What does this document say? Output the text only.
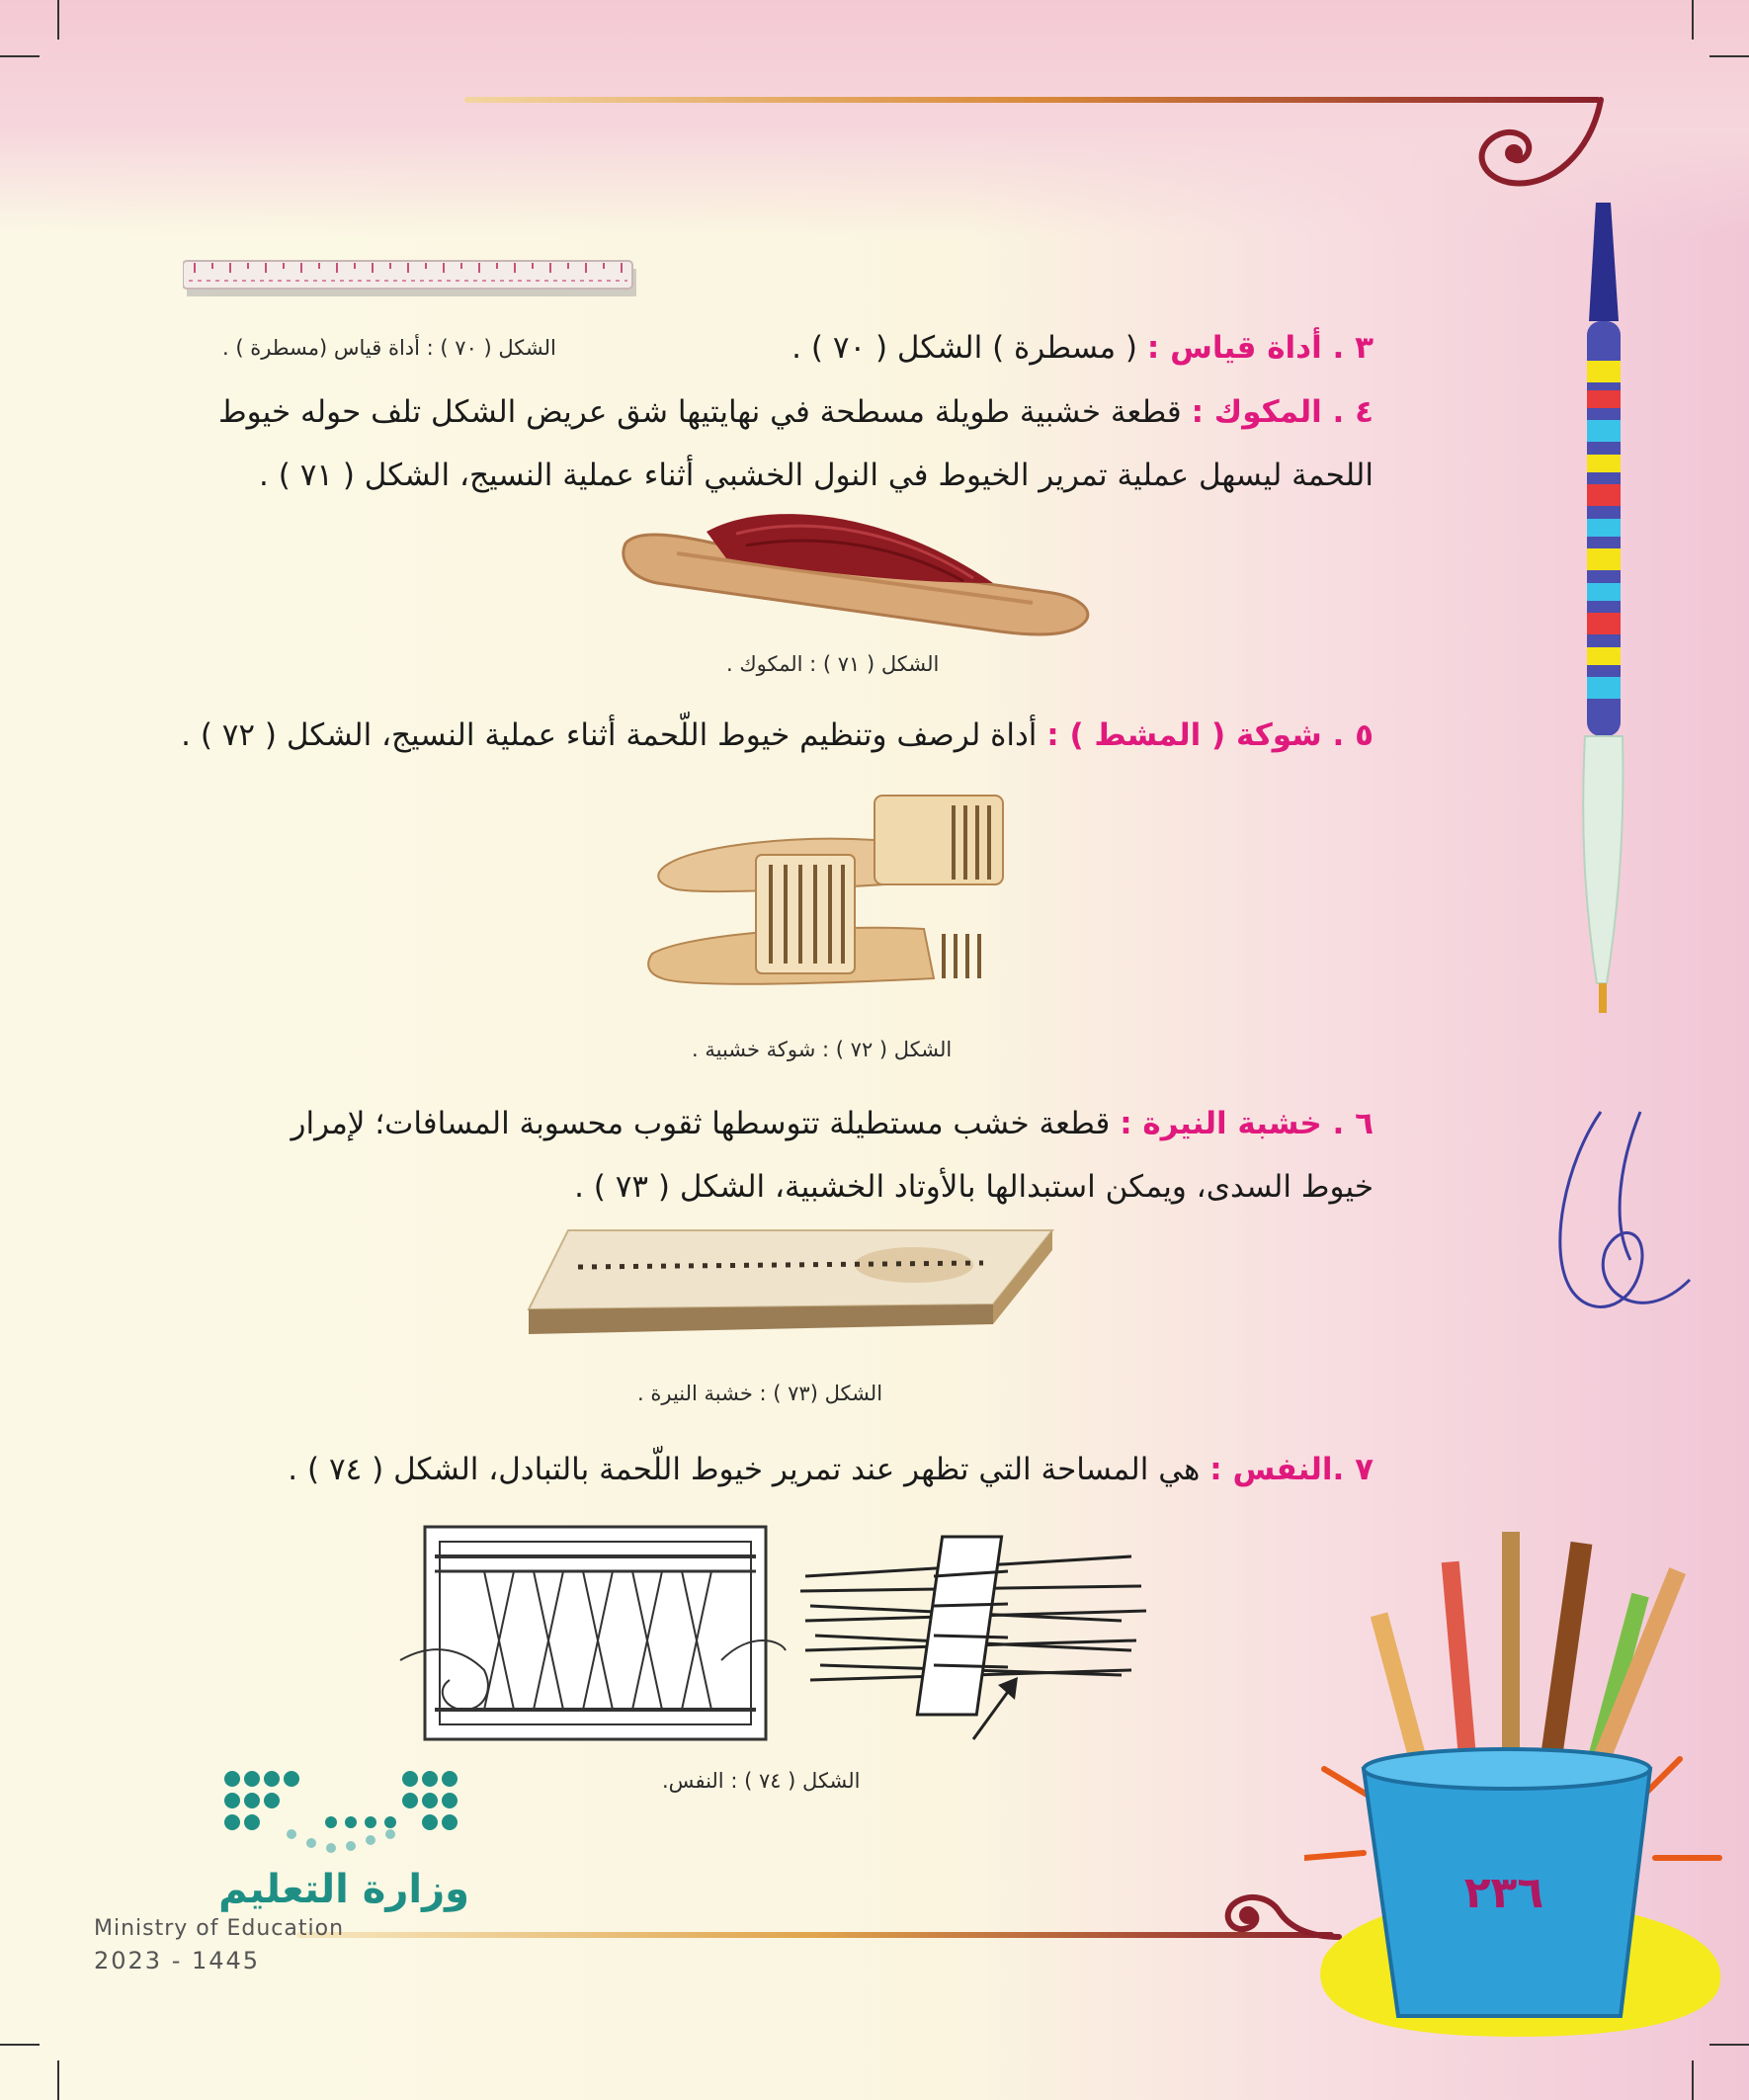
الشكل ( ٧٠ ) : أداة قياس (مسطرة ) .	٣ . أداة قياس : ( مسطرة ) الشكل ( ٧٠ ) .
٤ . المكوك : قطعة خشبية طويلة مسطحة في نهايتيها شق عريض الشكل تلف حوله خيوط اللحمة ليسهل عملية تمرير الخيوط في النول الخشبي أثناء عملية النسيج، الشكل ( ٧١ ) .
الشكل ( ٧١ ) : المكوك .
٥ . شوكة ( المشط ) : أداة لرصف وتنظيم خيوط اللّحمة أثناء عملية النسيج، الشكل ( ٧٢ ) .
الشكل ( ٧٢ ) : شوكة خشبية .
٦ . خشبة النيرة : قطعة خشب مستطيلة تتوسطها ثقوب محسوبة المسافات؛ لإمرار خيوط السدى، ويمكن استبدالها بالأوتاد الخشبية، الشكل ( ٧٣ ) .
الشكل (٧٣ ) : خشبة النيرة .
٧ .النفس : هي المساحة التي تظهر عند تمرير خيوط اللّحمة بالتبادل، الشكل ( ٧٤ ) .
الشكل ( ٧٤ ) : النفس.
٢٣٦
وزارة التعليم
Ministry of Education
2023 - 1445
